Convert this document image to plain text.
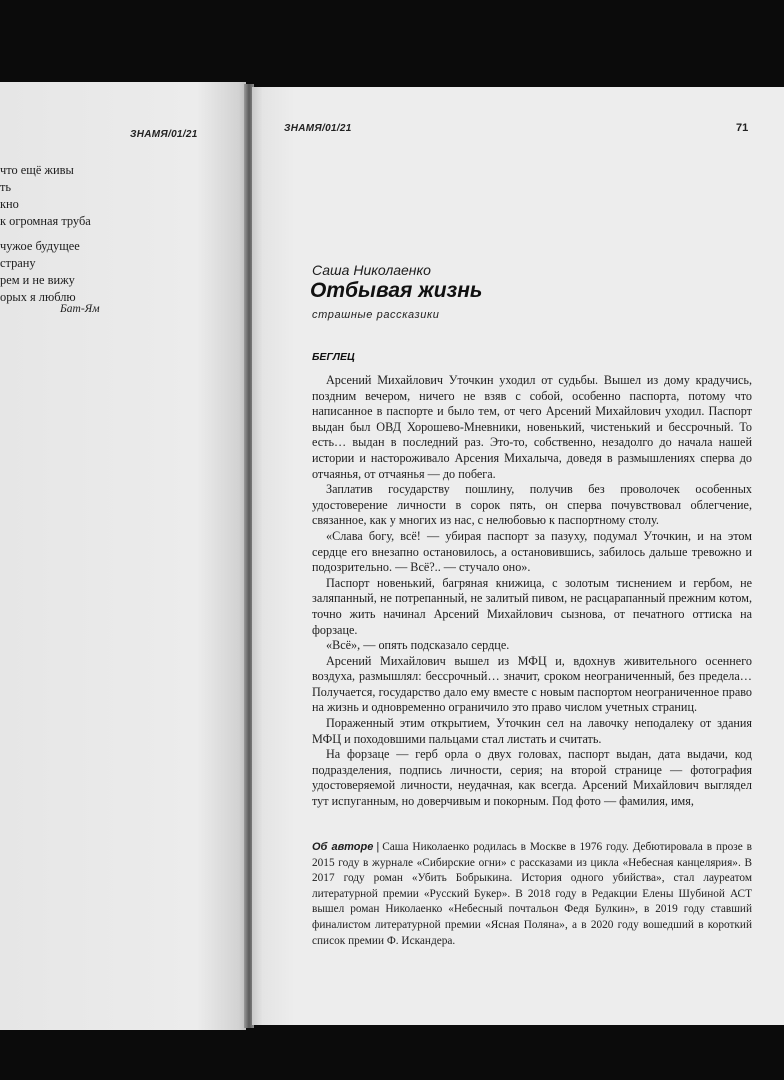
ЗНАМЯ/01/21
что ещё живы
ть
кно
к огромная труба
чужое будущее
страну
рем и не вижу
орых я люблю
Бат-Ям
ЗНАМЯ/01/21	71
Саша Николаенко
Отбывая жизнь
страшные рассказики
БЕГЛЕЦ

Арсений Михайлович Уточкин уходил от судьбы. Вышел из дому крадучись, поздним вечером, ничего не взяв с собой, особенно паспорта, потому что написанное в паспорте и было тем, от чего Арсений Михайлович уходил. Паспорт выдан был ОВД Хорошево-Мневники, новенький, чистенький и бессрочный. То есть… выдан в последний раз. Это-то, собственно, незадолго до начала нашей истории и настороживало Арсения Михалыча, доведя в размышлениях сперва до отчаянья, от отчаянья — до побега.

Заплатив государству пошлину, получив без проволочек особенных удостоверение личности в сорок пять, он сперва почувствовал облегчение, связанное, как у многих из нас, с нелюбовью к паспортному столу.

«Слава богу, всё! — убирая паспорт за пазуху, подумал Уточкин, и на этом сердце его внезапно остановилось, а остановившись, забилось дальше тревожно и подозрительно. — Всё?.. — стучало оно».

Паспорт новенький, багряная книжица, с золотым тиснением и гербом, не заляпанный, не потрепанный, не залитый пивом, не расцарапанный прежним котом, точно жить начинал Арсений Михайлович сызнова, от печатного оттиска на форзаце.

«Всё», — опять подсказало сердце.

Арсений Михайлович вышел из МФЦ и, вдохнув живительного осеннего воздуха, размышлял: бессрочный… значит, сроком неограниченный, без предела… Получается, государство дало ему вместе с новым паспортом неограниченное право на жизнь и одновременно ограничило это право числом учетных страниц.

Пораженный этим открытием, Уточкин сел на лавочку неподалеку от здания МФЦ и походовшими пальцами стал листать и считать.

На форзаце — герб орла о двух головах, паспорт выдан, дата выдачи, код подразделения, подпись личности, серия; на второй странице — фотография удостоверяемой личности, неудачная, как всегда. Арсений Михайлович выглядел тут испуганным, но доверчивым и покорным. Под фото — фамилия, имя,

Об авторе | Саша Николаенко родилась в Москве в 1976 году. Дебютировала в прозе в 2015 году в журнале «Сибирские огни» с рассказами из цикла «Небесная канцелярия». В 2017 году роман «Убить Бобрыкина. История одного убийства», стал лауреатом литературной премии «Русский Букер». В 2018 году в Редакции Елены Шубиной АСТ вышел роман Николаенко «Небесный почтальон Федя Булкин», в 2019 году ставший финалистом литературной премии «Ясная Поляна», а в 2020 году вошедший в короткий список премии Ф. Искандера.
